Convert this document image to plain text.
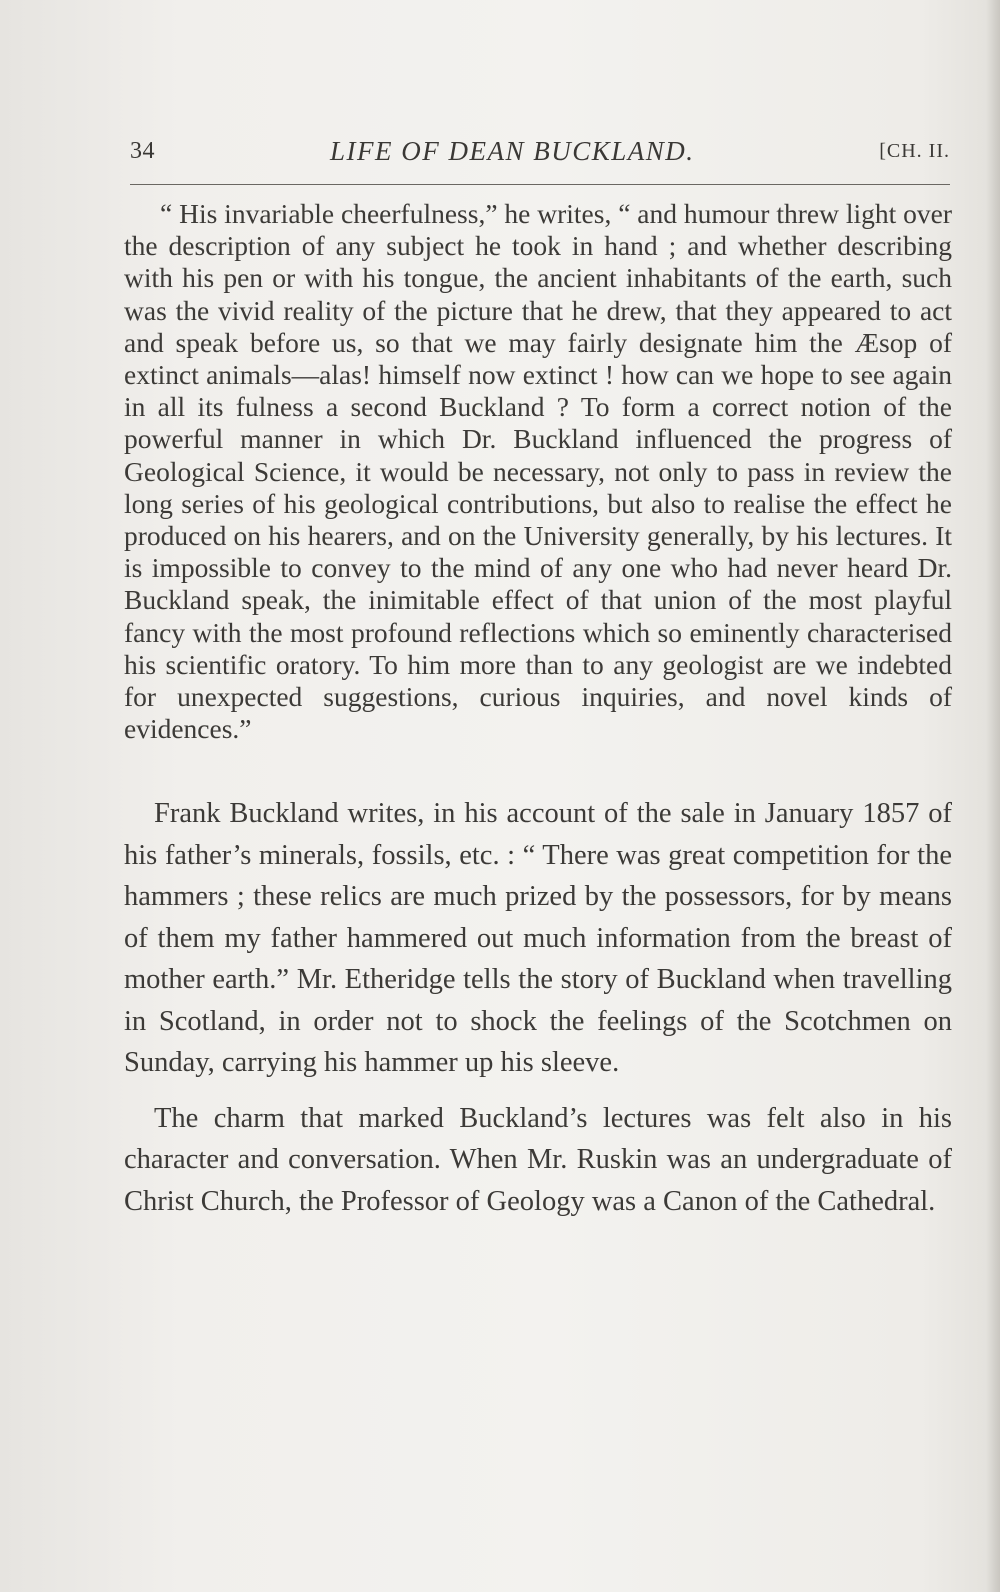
34	LIFE OF DEAN BUCKLAND.	[CH. II.

“ His invariable cheerfulness,” he writes, “ and humour threw light over the description of any subject he took in hand ; and whether describing with his pen or with his tongue, the ancient inhabitants of the earth, such was the vivid reality of the picture that he drew, that they appeared to act and speak before us, so that we may fairly designate him the Æsop of extinct animals—alas! himself now extinct ! how can we hope to see again in all its fulness a second Buckland ? To form a correct notion of the powerful manner in which Dr. Buckland influenced the progress of Geological Science, it would be necessary, not only to pass in review the long series of his geological contributions, but also to realise the effect he produced on his hearers, and on the University generally, by his lectures. It is impossible to convey to the mind of any one who had never heard Dr. Buckland speak, the inimitable effect of that union of the most playful fancy with the most profound reflections which so eminently characterised his scientific oratory. To him more than to any geologist are we indebted for unexpected suggestions, curious inquiries, and novel kinds of evidences.”

Frank Buckland writes, in his account of the sale in January 1857 of his father’s minerals, fossils, etc. : “ There was great competition for the hammers ; these relics are much prized by the possessors, for by means of them my father hammered out much information from the breast of mother earth.” Mr. Etheridge tells the story of Buckland when travelling in Scotland, in order not to shock the feelings of the Scotchmen on Sunday, carrying his hammer up his sleeve.

The charm that marked Buckland’s lectures was felt also in his character and conversation. When Mr. Ruskin was an undergraduate of Christ Church, the Professor of Geology was a Canon of the Cathedral.
